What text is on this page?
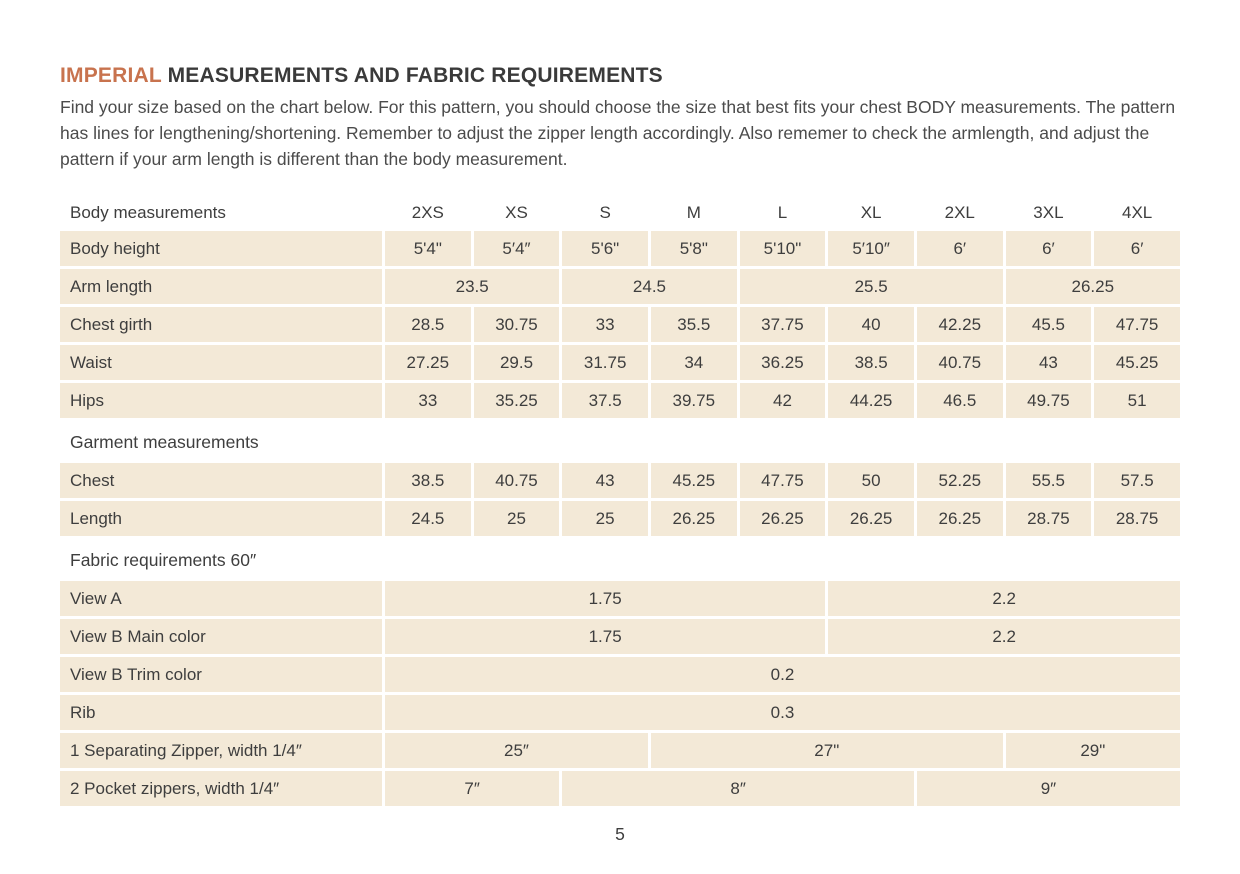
IMPERIAL MEASUREMENTS AND FABRIC REQUIREMENTS

Find your size based on the chart below. For this pattern, you should choose the size that best fits your chest BODY measurements. The pattern has lines for lengthening/shortening. Remember to adjust the zipper length accordingly. Also rememer to check the armlength, and adjust the pattern if your arm length is different than the body measurement.

Body measurements	2XS	XS	S	M	L	XL	2XL	3XL	4XL
Body height	5'4"	5′4″	5'6"	5'8"	5'10"	5′10″	6′	6′	6′
Arm length	23.5		24.5		25.5			26.25	
Chest girth	28.5	30.75	33	35.5	37.75	40	42.25	45.5	47.75
Waist	27.25	29.5	31.75	34	36.25	38.5	40.75	43	45.25
Hips	33	35.25	37.5	39.75	42	44.25	46.5	49.75	51
Garment measurements									
Chest	38.5	40.75	43	45.25	47.75	50	52.25	55.5	57.5
Length	24.5	25	25	26.25	26.25	26.25	26.25	28.75	28.75
Fabric requirements 60″									
View A	1.75					2.2			
View B Main color	1.75					2.2			
View B Trim color	0.2								
Rib	0.3								
1 Separating Zipper, width 1/4″	25″			27"				29"	
2 Pocket zippers, width 1/4″	7″		8″				9″		
5
